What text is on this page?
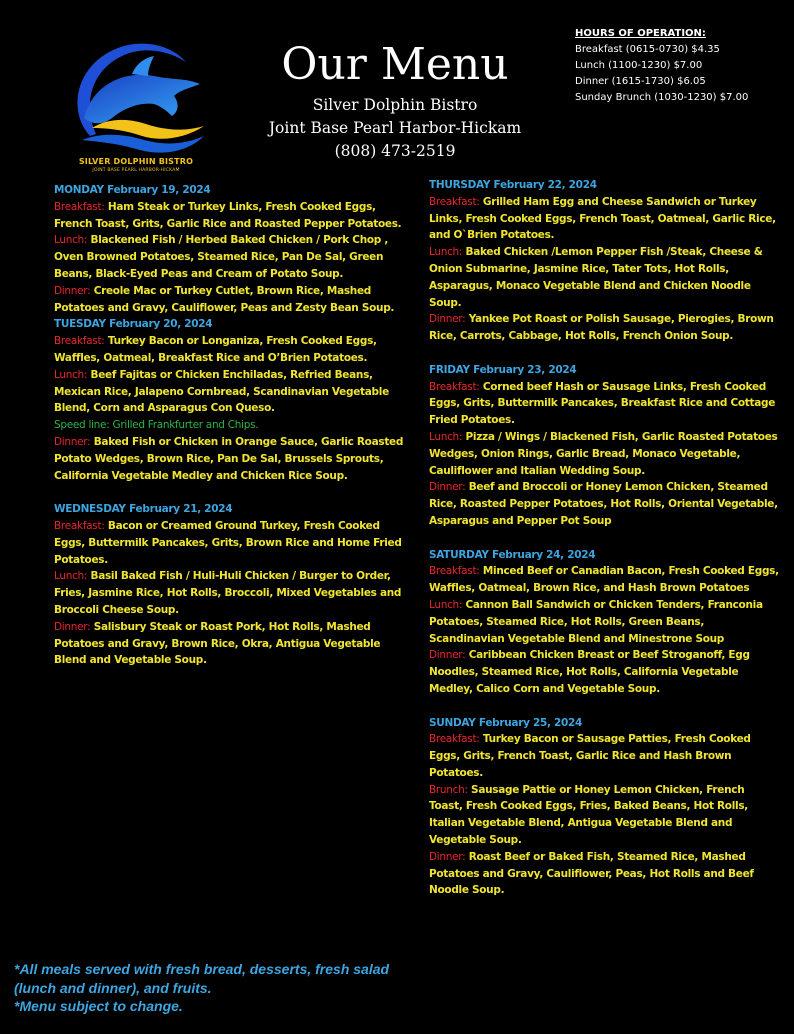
SILVER DOLPHIN BISTRO
JOINT BASE PEARL HARBOR-HICKAM
Our Menu
Silver Dolphin Bistro
Joint Base Pearl Harbor-Hickam
(808) 473-2519
HOURS OF OPERATION:
Breakfast (0615-0730) $4.35
Lunch (1100-1230) $7.00
Dinner (1615-1730) $6.05
Sunday Brunch (1030-1230) $7.00
MONDAY February 19, 2024
Breakfast: Ham Steak or Turkey Links, Fresh Cooked Eggs, French Toast, Grits, Garlic Rice and Roasted Pepper Potatoes.
Lunch: Blackened Fish / Herbed Baked Chicken / Pork Chop , Oven Browned Potatoes, Steamed Rice, Pan De Sal, Green Beans, Black-Eyed Peas and Cream of Potato Soup.
Dinner: Creole Mac or Turkey Cutlet, Brown Rice, Mashed Potatoes and Gravy, Cauliflower, Peas and Zesty Bean Soup.
TUESDAY February 20, 2024
Breakfast: Turkey Bacon or Longaniza, Fresh Cooked Eggs, Waffles, Oatmeal, Breakfast Rice and O’Brien Potatoes.
Lunch: Beef Fajitas or Chicken Enchiladas, Refried Beans, Mexican Rice, Jalapeno Cornbread, Scandinavian Vegetable Blend, Corn and Asparagus Con Queso.
Speed line: Grilled Frankfurter and Chips.
Dinner: Baked Fish or Chicken in Orange Sauce, Garlic Roasted Potato Wedges, Brown Rice, Pan De Sal, Brussels Sprouts, California Vegetable Medley and Chicken Rice Soup.
WEDNESDAY February 21, 2024
Breakfast: Bacon or Creamed Ground Turkey, Fresh Cooked Eggs, Buttermilk Pancakes, Grits, Brown Rice and Home Fried Potatoes.
Lunch: Basil Baked Fish / Huli-Huli Chicken / Burger to Order, Fries, Jasmine Rice, Hot Rolls, Broccoli, Mixed Vegetables and Broccoli Cheese Soup.
Dinner: Salisbury Steak or Roast Pork, Hot Rolls, Mashed Potatoes and Gravy, Brown Rice, Okra, Antigua Vegetable Blend and Vegetable Soup.
THURSDAY February 22, 2024
Breakfast: Grilled Ham Egg and Cheese Sandwich or Turkey Links, Fresh Cooked Eggs, French Toast, Oatmeal, Garlic Rice, and O`Brien Potatoes.
Lunch: Baked Chicken /Lemon Pepper Fish /Steak, Cheese & Onion Submarine, Jasmine Rice, Tater Tots, Hot Rolls, Asparagus, Monaco Vegetable Blend and Chicken Noodle Soup.
Dinner: Yankee Pot Roast or Polish Sausage, Pierogies, Brown Rice, Carrots, Cabbage, Hot Rolls, French Onion Soup.
FRIDAY February 23, 2024
Breakfast: Corned beef Hash or Sausage Links, Fresh Cooked Eggs, Grits, Buttermilk Pancakes, Breakfast Rice and Cottage Fried Potatoes.
Lunch: Pizza / Wings / Blackened Fish, Garlic Roasted Potatoes Wedges, Onion Rings, Garlic Bread, Monaco Vegetable, Cauliflower and Italian Wedding Soup.
Dinner: Beef and Broccoli or Honey Lemon Chicken, Steamed Rice, Roasted Pepper Potatoes, Hot Rolls, Oriental Vegetable, Asparagus and Pepper Pot Soup
SATURDAY February 24, 2024
Breakfast: Minced Beef or Canadian Bacon, Fresh Cooked Eggs, Waffles, Oatmeal, Brown Rice, and Hash Brown Potatoes
Lunch: Cannon Ball Sandwich or Chicken Tenders, Franconia Potatoes, Steamed Rice, Hot Rolls, Green Beans, Scandinavian Vegetable Blend and Minestrone Soup
Dinner: Caribbean Chicken Breast or Beef Stroganoff, Egg Noodles, Steamed Rice, Hot Rolls, California Vegetable Medley, Calico Corn and Vegetable Soup.
SUNDAY February 25, 2024
Breakfast: Turkey Bacon or Sausage Patties, Fresh Cooked Eggs, Grits, French Toast, Garlic Rice and Hash Brown Potatoes.
Brunch: Sausage Pattie or Honey Lemon Chicken, French Toast, Fresh Cooked Eggs, Fries, Baked Beans, Hot Rolls, Italian Vegetable Blend, Antigua Vegetable Blend and Vegetable Soup.
Dinner: Roast Beef or Baked Fish, Steamed Rice, Mashed Potatoes and Gravy, Cauliflower, Peas, Hot Rolls and Beef Noodle Soup.
*All meals served with fresh bread, desserts, fresh salad (lunch and dinner), and fruits.
*Menu subject to change.
